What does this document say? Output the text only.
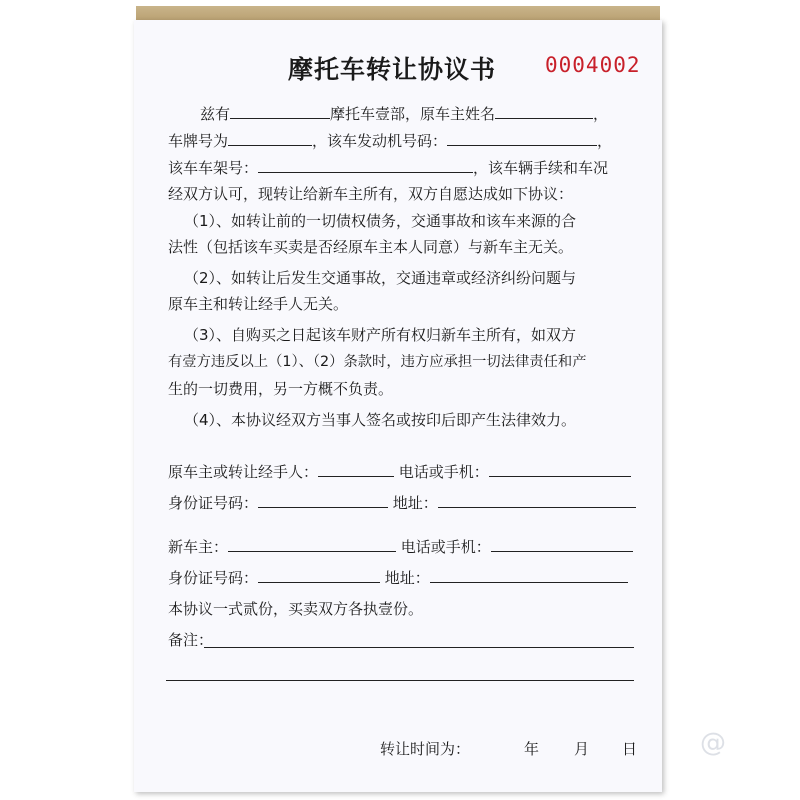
摩托车转让协议书 0004002
兹有	摩托车壹部，原车主姓名	，
车牌号为	，该车发动机号码：	，
该车车架号：	，该车辆手续和车况
经双方认可，现转让给新车主所有，双方自愿达成如下协议：
（1）、如转让前的一切债权债务，交通事故和该车来源的合
法性（包括该车买卖是否经原车主本人同意）与新车主无关。
（2）、如转让后发生交通事故，交通违章或经济纠纷问题与
原车主和转让经手人无关。
（3）、自购买之日起该车财产所有权归新车主所有，如双方
有壹方违反以上（1）、（2）条款时，违方应承担一切法律责任和产
生的一切费用，另一方概不负责。
（4）、本协议经双方当事人签名或按印后即产生法律效力。
原车主或转让经手人：	电话或手机：
身份证号码：	地址：
新车主：	电话或手机：
身份证号码：	地址：
本协议一式贰份，买卖双方各执壹份。
备注：
转让时间为：	年 月 日 @
